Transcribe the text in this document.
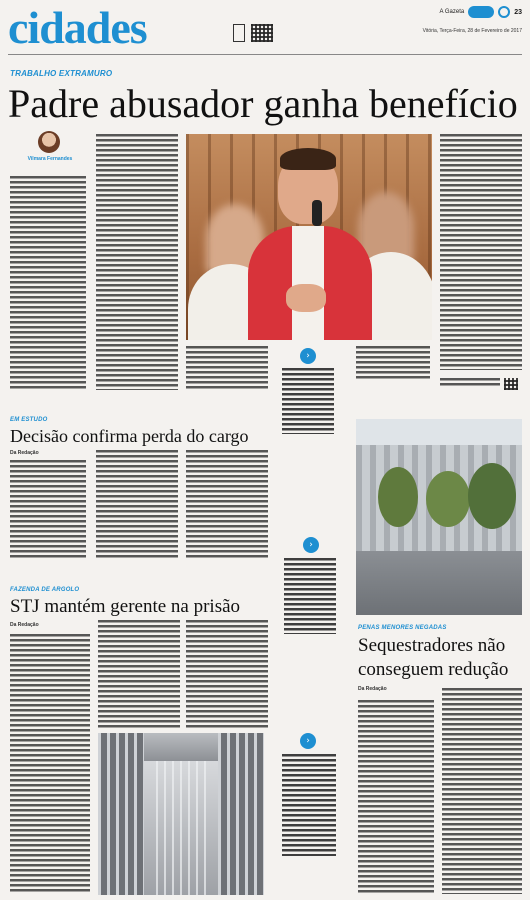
cidades	A Gazeta	23
Vitória, Terça-Feira, 28 de Fevereiro de 2017
TRABALHO EXTRAMURO
Padre abusador ganha benefício
Vilmara Fernandes
›
›
›
EM ESTUDO
Decisão confirma perda do cargo
Da Redação
FAZENDA DE ARGOLO
STJ mantém gerente na prisão
Da Redação	PENAS MENORES NEGADAS
Sequestradores não
conseguem redução
Da Redação
